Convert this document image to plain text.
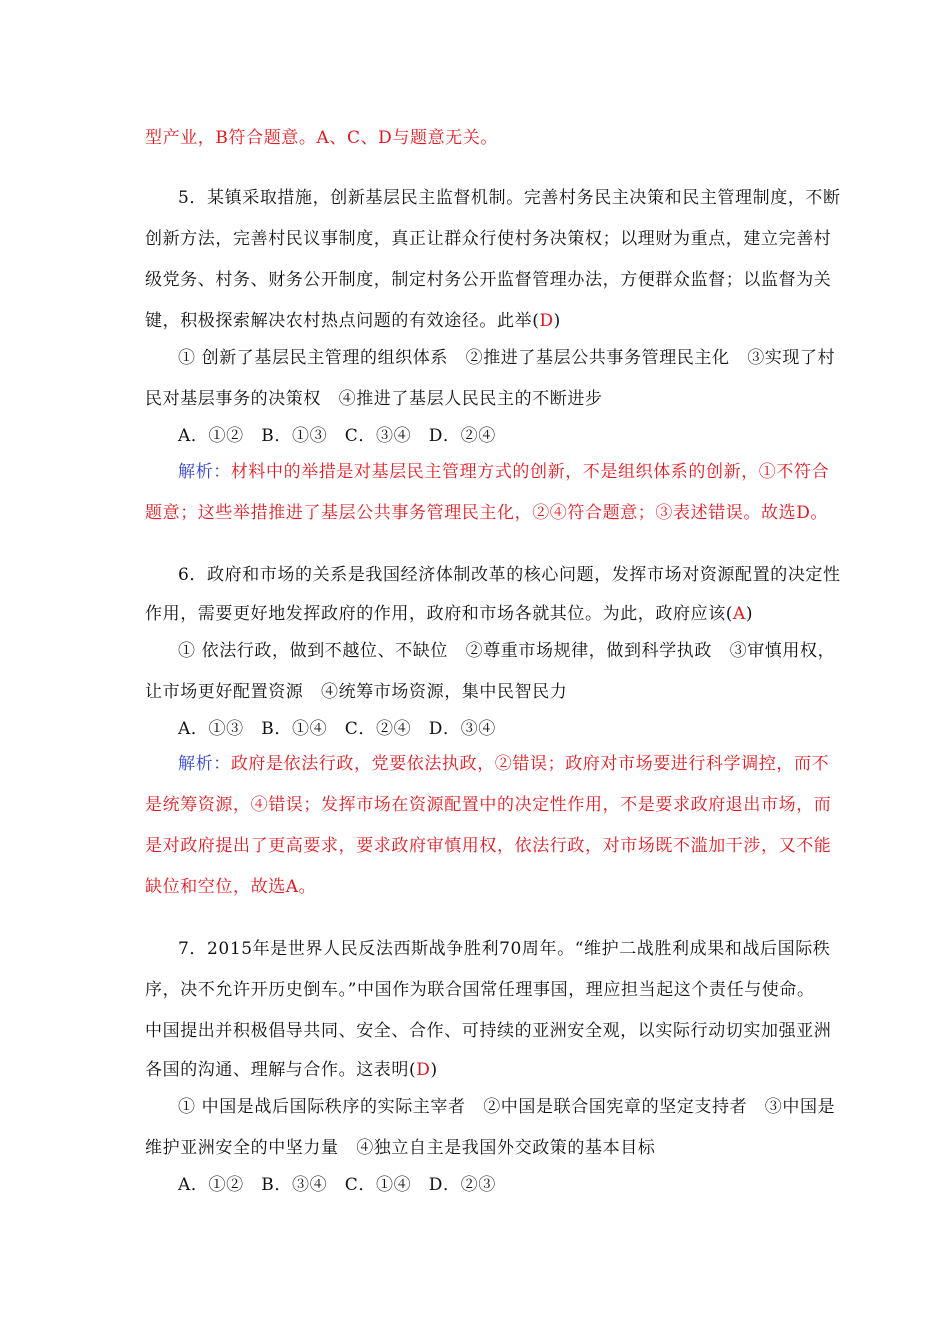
型产业，B符合题意。A、C、D与题意无关。
5．某镇采取措施，创新基层民主监督机制。完善村务民主决策和民主管理制度，不断
创新方法，完善村民议事制度，真正让群众行使村务决策权；以理财为重点，建立完善村
级党务、村务、财务公开制度，制定村务公开监督管理办法，方便群众监督；以监督为关
键，积极探索解决农村热点问题的有效途径。此举(D)
① 创新了基层民主管理的组织体系　②推进了基层公共事务管理民主化　③实现了村
民对基层事务的决策权　④推进了基层人民民主的不断进步
A．①②　B．①③　C．③④　D．②④
解析：材料中的举措是对基层民主管理方式的创新，不是组织体系的创新，①不符合
题意；这些举措推进了基层公共事务管理民主化，②④符合题意；③表述错误。故选D。
6．政府和市场的关系是我国经济体制改革的核心问题，发挥市场对资源配置的决定性
作用，需要更好地发挥政府的作用，政府和市场各就其位。为此，政府应该(A)
① 依法行政，做到不越位、不缺位　②尊重市场规律，做到科学执政　③审慎用权，
让市场更好配置资源　④统筹市场资源，集中民智民力
A．①③　B．①④　C．②④　D．③④
解析：政府是依法行政，党要依法执政，②错误；政府对市场要进行科学调控，而不
是统筹资源，④错误；发挥市场在资源配置中的决定性作用，不是要求政府退出市场，而
是对政府提出了更高要求，要求政府审慎用权，依法行政，对市场既不滥加干涉，又不能
缺位和空位，故选A。
7．2015年是世界人民反法西斯战争胜利70周年。“维护二战胜利成果和战后国际秩
序，决不允许开历史倒车。”中国作为联合国常任理事国，理应担当起这个责任与使命。
中国提出并积极倡导共同、安全、合作、可持续的亚洲安全观，以实际行动切实加强亚洲
各国的沟通、理解与合作。这表明(D)
① 中国是战后国际秩序的实际主宰者　②中国是联合国宪章的坚定支持者　③中国是
维护亚洲安全的中坚力量　④独立自主是我国外交政策的基本目标
A．①②　B．③④　C．①④　D．②③
